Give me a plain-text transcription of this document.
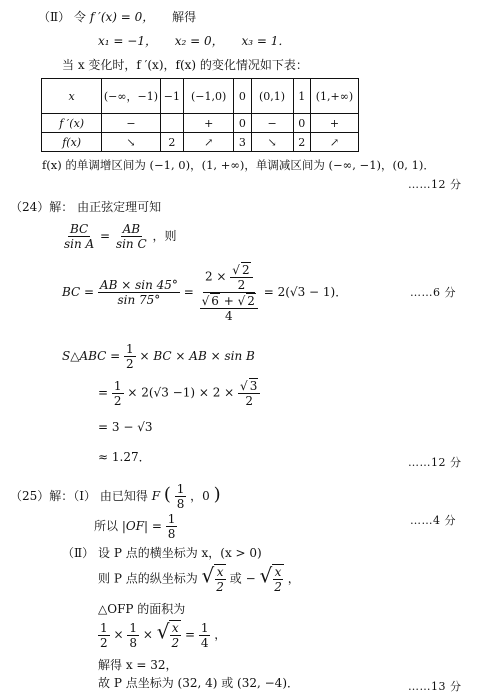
（Ⅱ） 令 f ′(x) = 0， 解得
x₁ = −1， x₂ = 0， x₃ = 1．
当 x 变化时，f ′(x)，f(x) 的变化情况如下表：
x	(−∞，−1)	−1	(−1,0)	0	(0,1)	1	(1,+∞)
f ′(x)	−		+	0	−	0	+
f(x)	↘	2	↗	3	↘	2	↗
f(x) 的单调增区间为 (−1, 0)，(1, +∞)，单调减区间为 (−∞, −1)，(0, 1)．
……12 分
（24）解： 由正弦定理可知
$\frac{BC}{\text{sin A}} = \frac{AB}{\text{sin C}}$ ，则
BC = $\frac{AB \times \sin 45^\circ}{\sin 75^\circ} = \frac{2 \times \frac{√ 2}{2}}{\frac{√ 6 + √ 2}{4}} = 2(√3 - 1)$．	……6 分
S△ABC = $\frac{1}{2}$ × BC × AB × sin B
= $\frac{1}{2} \times 2(√3 -1) \times 2 \times \frac{√ 3}{2}$
= 3 − √3
≈ 1.27．	……12 分
（25）解：（Ⅰ） 由已知得 F ( $\frac{1}{8}$ ，0 )
所以 $|OF| = \frac{1}{8}$	……4 分
（Ⅱ） 设 P 点的横坐标为 x，(x > 0)
则 P 点的纵坐标为 √ $\frac{x}{2}$ 或 − √ $\frac{x}{2}$ ，
△OFP 的面积为
$\frac{1}{2} \times \frac{1}{8}$ × √ $\frac{x}{2} = \frac{1}{4}$ ，
解得 x = 32，
故 P 点坐标为 (32, 4) 或 (32, −4)．	……13 分
